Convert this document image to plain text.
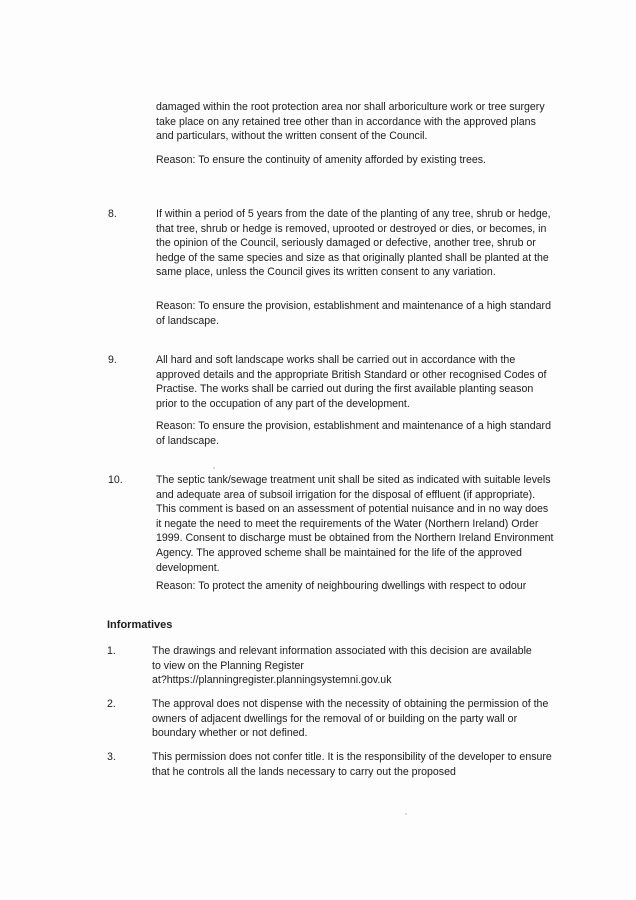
damaged within the root protection area nor shall arboriculture work or tree surgery take place on any retained tree other than in accordance with the approved plans and particulars, without the written consent of the Council.

Reason: To ensure the continuity of amenity afforded by existing trees.

8.	If within a period of 5 years from the date of the planting of any tree, shrub or hedge, that tree, shrub or hedge is removed, uprooted or destroyed or dies, or becomes, in the opinion of the Council, seriously damaged or defective, another tree, shrub or hedge of the same species and size as that originally planted shall be planted at the same place, unless the Council gives its written consent to any variation.

Reason: To ensure the provision, establishment and maintenance of a high standard of landscape.

9.	All hard and soft landscape works shall be carried out in accordance with the approved details and the appropriate British Standard or other recognised Codes of Practise. The works shall be carried out during the first available planting season prior to the occupation of any part of the development.

Reason: To ensure the provision, establishment and maintenance of a high standard of landscape.

10.	The septic tank/sewage treatment unit shall be sited as indicated with suitable levels and adequate area of subsoil irrigation for the disposal of effluent (if appropriate). This comment is based on an assessment of potential nuisance and in no way does it negate the need to meet the requirements of the Water (Northern Ireland) Order 1999. Consent to discharge must be obtained from the Northern Ireland Environment Agency. The approved scheme shall be maintained for the life of the approved development.

Reason: To protect the amenity of neighbouring dwellings with respect to odour

Informatives

1.	The drawings and relevant information associated with this decision are available
to view on the Planning Register
at?https://planningregister.planningsystemni.gov.uk

2.	The approval does not dispense with the necessity of obtaining the permission of the owners of adjacent dwellings for the removal of or building on the party wall or boundary whether or not defined.

3.	This permission does not confer title. It is the responsibility of the developer to ensure that he controls all the lands necessary to carry out the proposed
